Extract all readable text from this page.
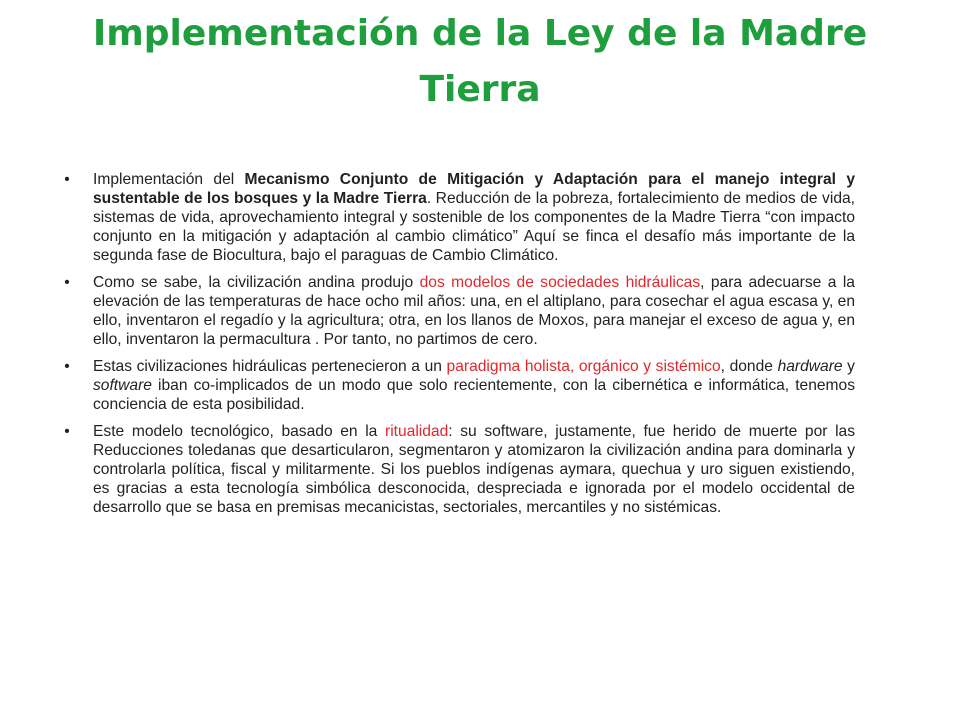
Implementación de la Ley de la Madre Tierra
• Implementación del Mecanismo Conjunto de Mitigación y Adaptación para el manejo integral y sustentable de los bosques y la Madre Tierra. Reducción de la pobreza, fortalecimiento de medios de vida, sistemas de vida, aprovechamiento integral y sostenible de los componentes de la Madre Tierra “con impacto conjunto en la mitigación y adaptación al cambio climático” Aquí se finca el desafío más importante de la segunda fase de Biocultura, bajo el paraguas de Cambio Climático.
• Como se sabe, la civilización andina produjo dos modelos de sociedades hidráulicas, para adecuarse a la elevación de las temperaturas de hace ocho mil años: una, en el altiplano, para cosechar el agua escasa y, en ello, inventaron el regadío y la agricultura; otra, en los llanos de Moxos, para manejar el exceso de agua y, en ello, inventaron la permacultura . Por tanto, no partimos de cero.
• Estas civilizaciones hidráulicas pertenecieron a un paradigma holista, orgánico y sistémico, donde hardware y software iban co-implicados de un modo que solo recientemente, con la cibernética e informática, tenemos conciencia de esta posibilidad.
• Este modelo tecnológico, basado en la ritualidad: su software, justamente, fue herido de muerte por las Reducciones toledanas que desarticularon, segmentaron y atomizaron la civilización andina para dominarla y controlarla política, fiscal y militarmente. Si los pueblos indígenas aymara, quechua y uro siguen existiendo, es gracias a esta tecnología simbólica desconocida, despreciada e ignorada por el modelo occidental de desarrollo que se basa en premisas mecanicistas, sectoriales, mercantiles y no sistémicas.
